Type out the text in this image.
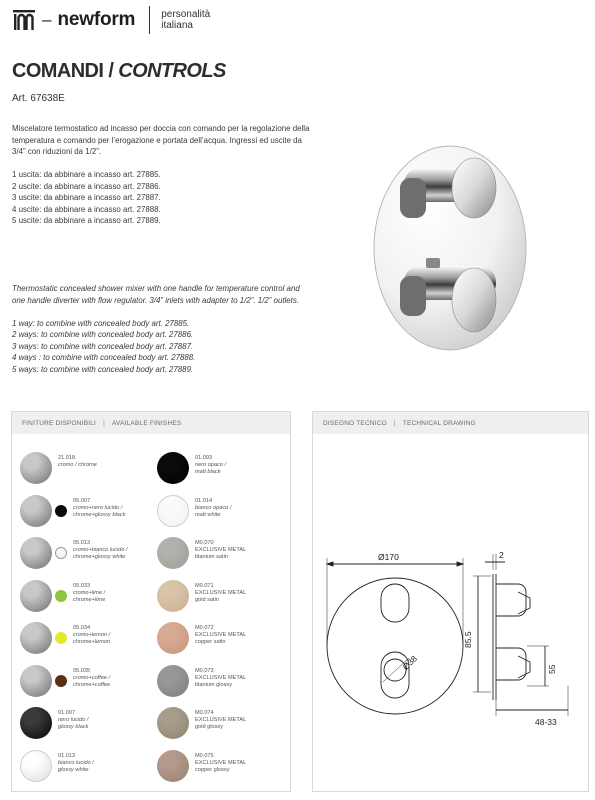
– newform	personalità
italiana
COMANDI / CONTROLS
Art. 67638E

Miscelatore termostatico ad incasso per doccia con comando per la regolazione della temperatura e comando per l’erogazione e portata dell’acqua. Ingressi ed uscite da 3/4” con riduzioni da 1/2”.

1 uscita: da abbinare a incasso art. 27885.
2 uscite: da abbinare a incasso art. 27886.
3 uscite: da abbinare a incasso art. 27887.
4 uscite: da abbinare a incasso art. 27888.
5 uscite: da abbinare a incasso art. 27889.

Thermostatic concealed shower mixer with one handle for temperature control and one handle diverter with flow regulator. 3/4” inlets with adapter to 1/2”. 1/2” outlets.

1 way: to combine with concealed body art. 27885.
2 ways: to combine with concealed body art. 27886.
3 ways: to combine with concealed body art. 27887.
4 ways : to combine with concealed body art. 27888.
5 ways: to combine with concealed body art. 27889.
FINITURE DISPONIBILI | AVAILABLE FINISHES
21.018
cromo / chrome
05.007
cromo+nero lucido /
chrome+glossy black
05.013
cromo+bianco lucido /
chrome+glossy white
05.033
cromo+lime /
chrome+lime
05.034
cromo+lemon /
chrome+lemon
05.035
cromo+coffee /
chrome+coffee
01.007
nero lucido /
glossy black
01.013
bianco lucido /
glossy white
01.093
nero opaco /
matt black
01.014
bianco opaco /
matt white
M0.070
EXCLUSIVE METAL
titanium satin
M0.071
EXCLUSIVE METAL
gold satin
M0.072
EXCLUSIVE METAL
copper satin
M0.073
EXCLUSIVE METAL
titanium glossy
M0.074
EXCLUSIVE METAL
gold glossy
M0.075
EXCLUSIVE METAL
copper glossy
DISEGNO TECNICO | TECHNICAL DRAWING
Ø170
Ø38
2
85.5
55
48-33
